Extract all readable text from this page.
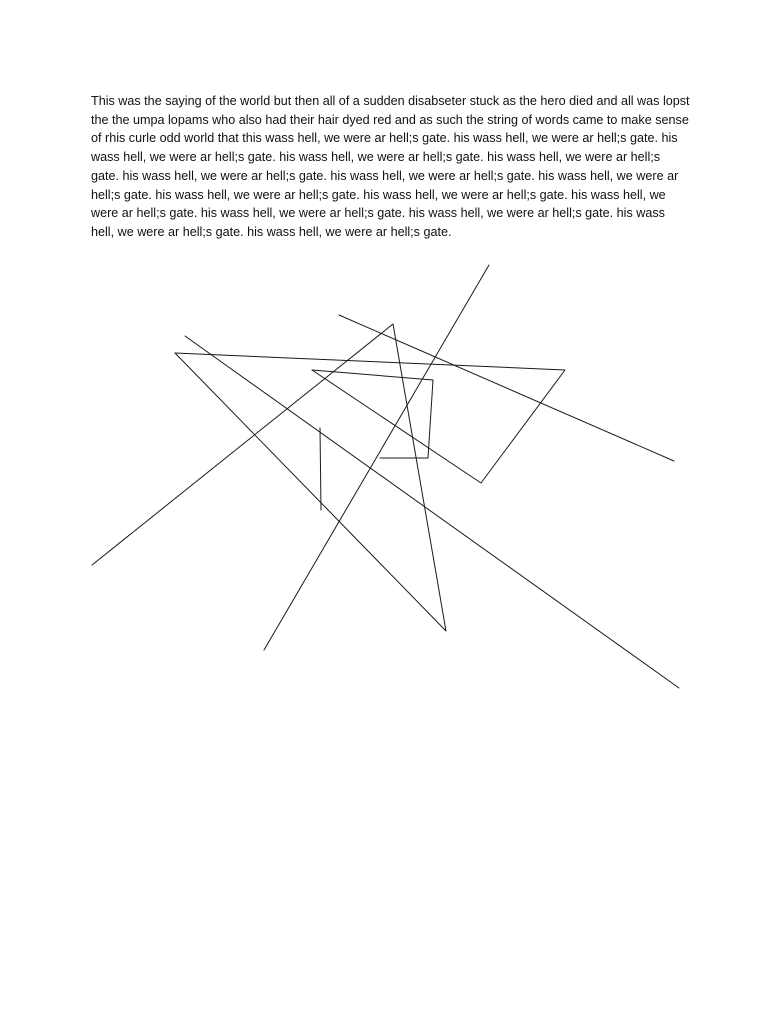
This was the saying of the world but then all of a sudden disabseter stuck as the hero died and all was lopst the the umpa lopams who also had their hair dyed red and as such the string of words came to make sense of rhis curle odd world that this wass hell, we were ar hell;s gate. his wass hell, we were ar hell;s gate. his wass hell, we were ar hell;s gate. his wass hell, we were ar hell;s gate. his wass hell, we were ar hell;s gate. his wass hell, we were ar hell;s gate. his wass hell, we were ar hell;s gate. his wass hell, we were ar hell;s gate. his wass hell, we were ar hell;s gate. his wass hell, we were ar hell;s gate. his wass hell, we were ar hell;s gate. his wass hell, we were ar hell;s gate. his wass hell, we were ar hell;s gate. his wass hell, we were ar hell;s gate. his wass hell, we were ar hell;s gate.
